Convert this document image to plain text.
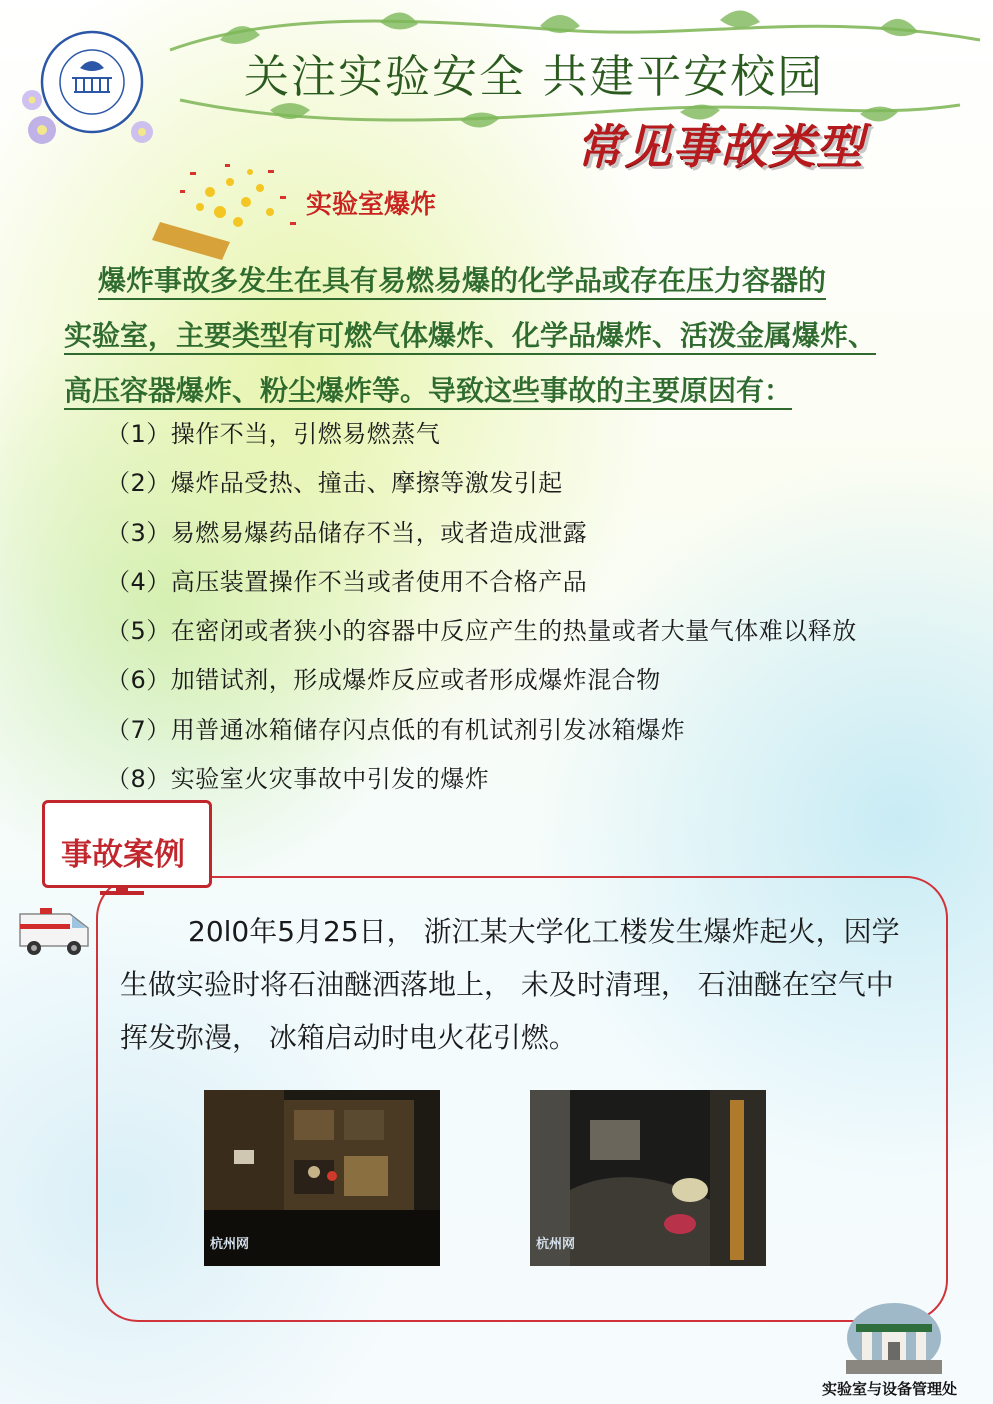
关注实验安全 共建平安校园
常见事故类型
实验室爆炸
爆炸事故多发生在具有易燃易爆的化学品或存在压力容器的
实验室，主要类型有可燃气体爆炸、化学品爆炸、活泼金属爆炸、
高压容器爆炸、粉尘爆炸等。导致这些事故的主要原因有：
（1）操作不当，引燃易燃蒸气
（2）爆炸品受热、撞击、摩擦等激发引起
（3）易燃易爆药品储存不当，或者造成泄露
（4）高压装置操作不当或者使用不合格产品
（5）在密闭或者狭小的容器中反应产生的热量或者大量气体难以释放
（6）加错试剂，形成爆炸反应或者形成爆炸混合物
（7）用普通冰箱储存闪点低的有机试剂引发冰箱爆炸
（8）实验室火灾事故中引发的爆炸
事故案例
20l0年5月25日， 浙江某大学化工楼发生爆炸起火，因学
生做实验时将石油醚洒落地上， 未及时清理， 石油醚在空气中
挥发弥漫， 冰箱启动时电火花引燃。
杭州网	杭州网
实验室与设备管理处
